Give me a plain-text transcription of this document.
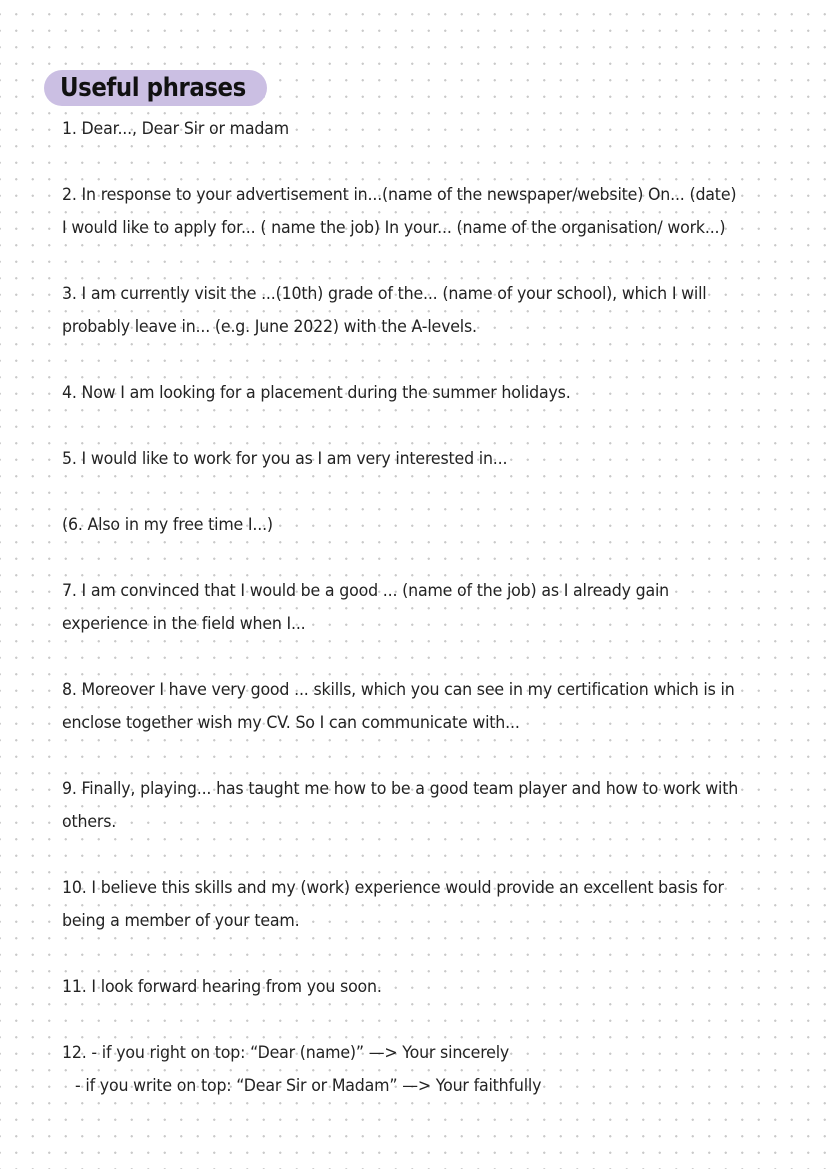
Useful phrases
1. Dear..., Dear Sir or madam
2. In response to your advertisement in...(name of the newspaper/website) On... (date)
I would like to apply for... ( name the job) In your... (name of the organisation/ work...)
3. I am currently visit the ...(10th) grade of the... (name of your school), which I will
probably leave in... (e.g. June 2022) with the A-levels.
4. Now I am looking for a placement during the summer holidays.
5. I would like to work for you as I am very interested in...
(6. Also in my free time I...)
7. I am convinced that I would be a good ... (name of the job) as I already gain
experience in the field when I...
8. Moreover I have very good ... skills, which you can see in my certification which is in
enclose together wish my CV. So I can communicate with...
9. Finally, playing... has taught me how to be a good team player and how to work with
others.
10. I believe this skills and my (work) experience would provide an excellent basis for
being a member of your team.
11. I look forward hearing from you soon.
12. - if you right on top: “Dear (name)” —> Your sincerely
- if you write on top: “Dear Sir or Madam” —> Your faithfully
